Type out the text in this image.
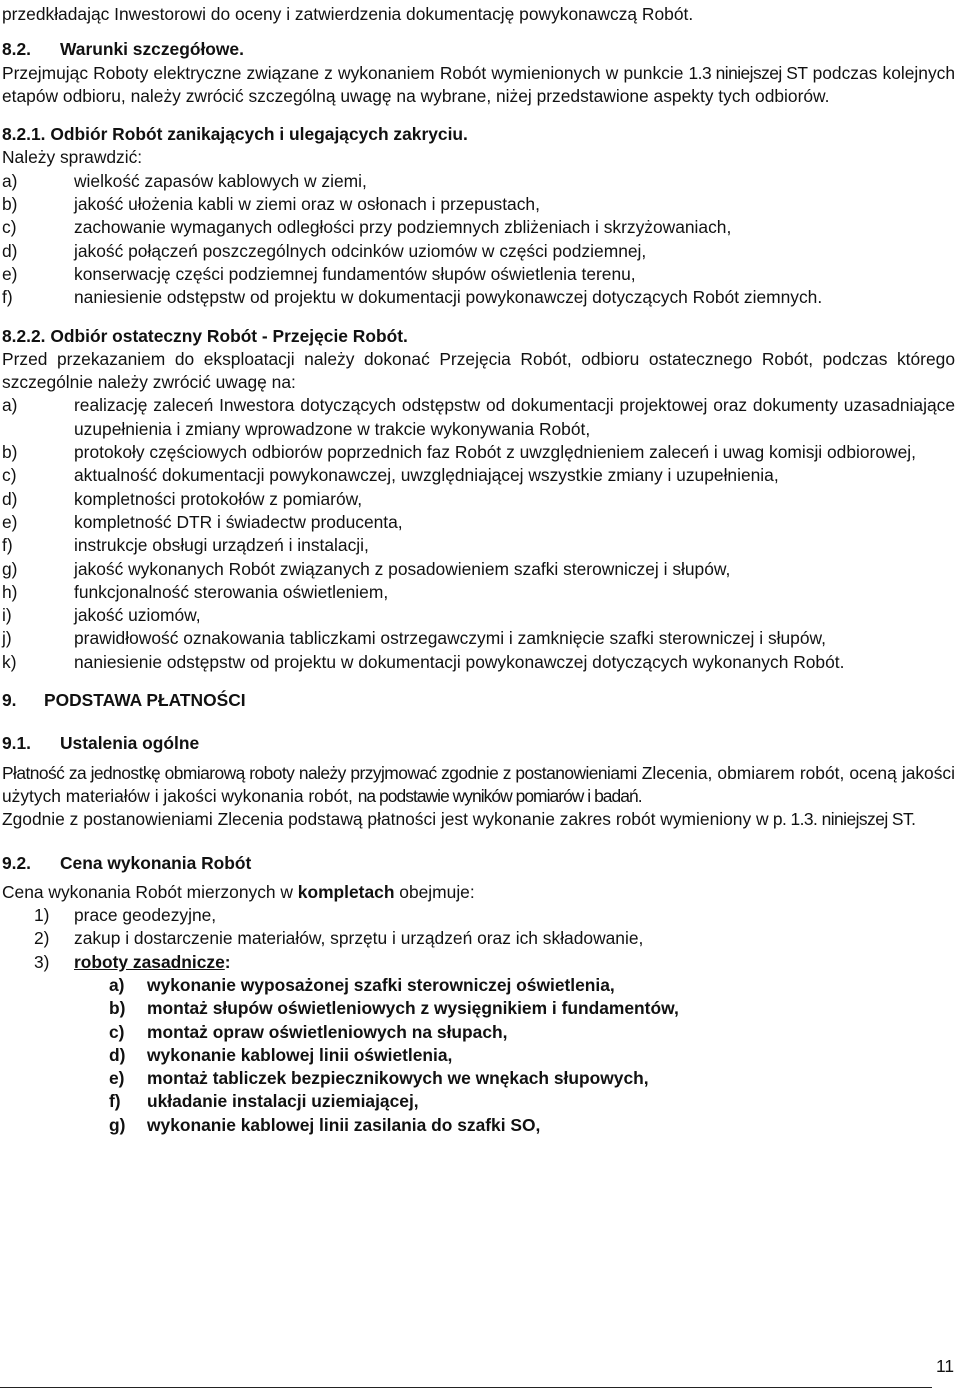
przedkładając Inwestorowi do oceny i zatwierdzenia dokumentację powykonawczą Robót.

8.2. Warunki szczegółowe.

Przejmując Roboty elektryczne związane z wykonaniem Robót wymienionych w punkcie 1.3 niniejszej ST podczas kolejnych etapów odbioru, należy zwrócić szczególną uwagę na wybrane, niżej przedstawione aspekty tych odbiorów.

8.2.1. Odbiór Robót zanikających i ulegających zakryciu.

Należy sprawdzić:

a)	wielkość zapasów kablowych w ziemi,
b)	jakość ułożenia kabli w ziemi oraz w osłonach i przepustach,
c)	zachowanie wymaganych odległości przy podziemnych zbliżeniach i skrzyżowaniach,
d)	jakość połączeń poszczególnych odcinków uziomów w części podziemnej,
e)	konserwację części podziemnej fundamentów słupów oświetlenia terenu,
f)	naniesienie odstępstw od projektu w dokumentacji powykonawczej dotyczących Robót ziemnych.

8.2.2. Odbiór ostateczny Robót - Przejęcie Robót.

Przed przekazaniem do eksploatacji należy dokonać Przejęcia Robót, odbioru ostatecznego Robót, podczas którego szczególnie należy zwrócić uwagę na:

a)	realizację zaleceń Inwestora dotyczących odstępstw od dokumentacji projektowej oraz dokumenty uzasadniające uzupełnienia i zmiany wprowadzone w trakcie wykonywania Robót,
b)	protokoły częściowych odbiorów poprzednich faz Robót z uwzględnieniem zaleceń i uwag komisji odbiorowej,
c)	aktualność dokumentacji powykonawczej, uwzględniającej wszystkie zmiany i uzupełnienia,
d)	kompletności protokołów z pomiarów,
e)	kompletność DTR i świadectw producenta,
f)	instrukcje obsługi urządzeń i instalacji,
g)	jakość wykonanych Robót związanych z posadowieniem szafki sterowniczej i słupów,
h)	funkcjonalność sterowania oświetleniem,
i)	jakość uziomów,
j)	prawidłowość oznakowania tabliczkami ostrzegawczymi i zamknięcie szafki sterowniczej i słupów,
k)	naniesienie odstępstw od projektu w dokumentacji powykonawczej dotyczących wykonanych Robót.

9. PODSTAWA PŁATNOŚCI

9.1. Ustalenia ogólne

Płatność za jednostkę obmiarową roboty należy przyjmować zgodnie z postanowieniami Zlecenia, obmiarem robót, oceną jakości użytych materiałów i jakości wykonania robót, na podstawie wyników pomiarów i badań.

Zgodnie z postanowieniami Zlecenia podstawą płatności jest wykonanie zakres robót wymieniony w p. 1.3. niniejszej ST.

9.2. Cena wykonania Robót

Cena wykonania Robót mierzonych w kompletach obejmuje:

1) prace geodezyjne,
2) zakup i dostarczenie materiałów, sprzętu i urządzeń oraz ich składowanie,
3) roboty zasadnicze:
a) wykonanie wyposażonej szafki sterowniczej oświetlenia,
b) montaż słupów oświetleniowych z wysięgnikiem i fundamentów,
c) montaż opraw oświetleniowych na słupach,
d) wykonanie kablowej linii oświetlenia,
e) montaż tabliczek bezpiecznikowych we wnękach słupowych,
f) układanie instalacji uziemiającej,
g) wykonanie kablowej linii zasilania do szafki SO,
11
